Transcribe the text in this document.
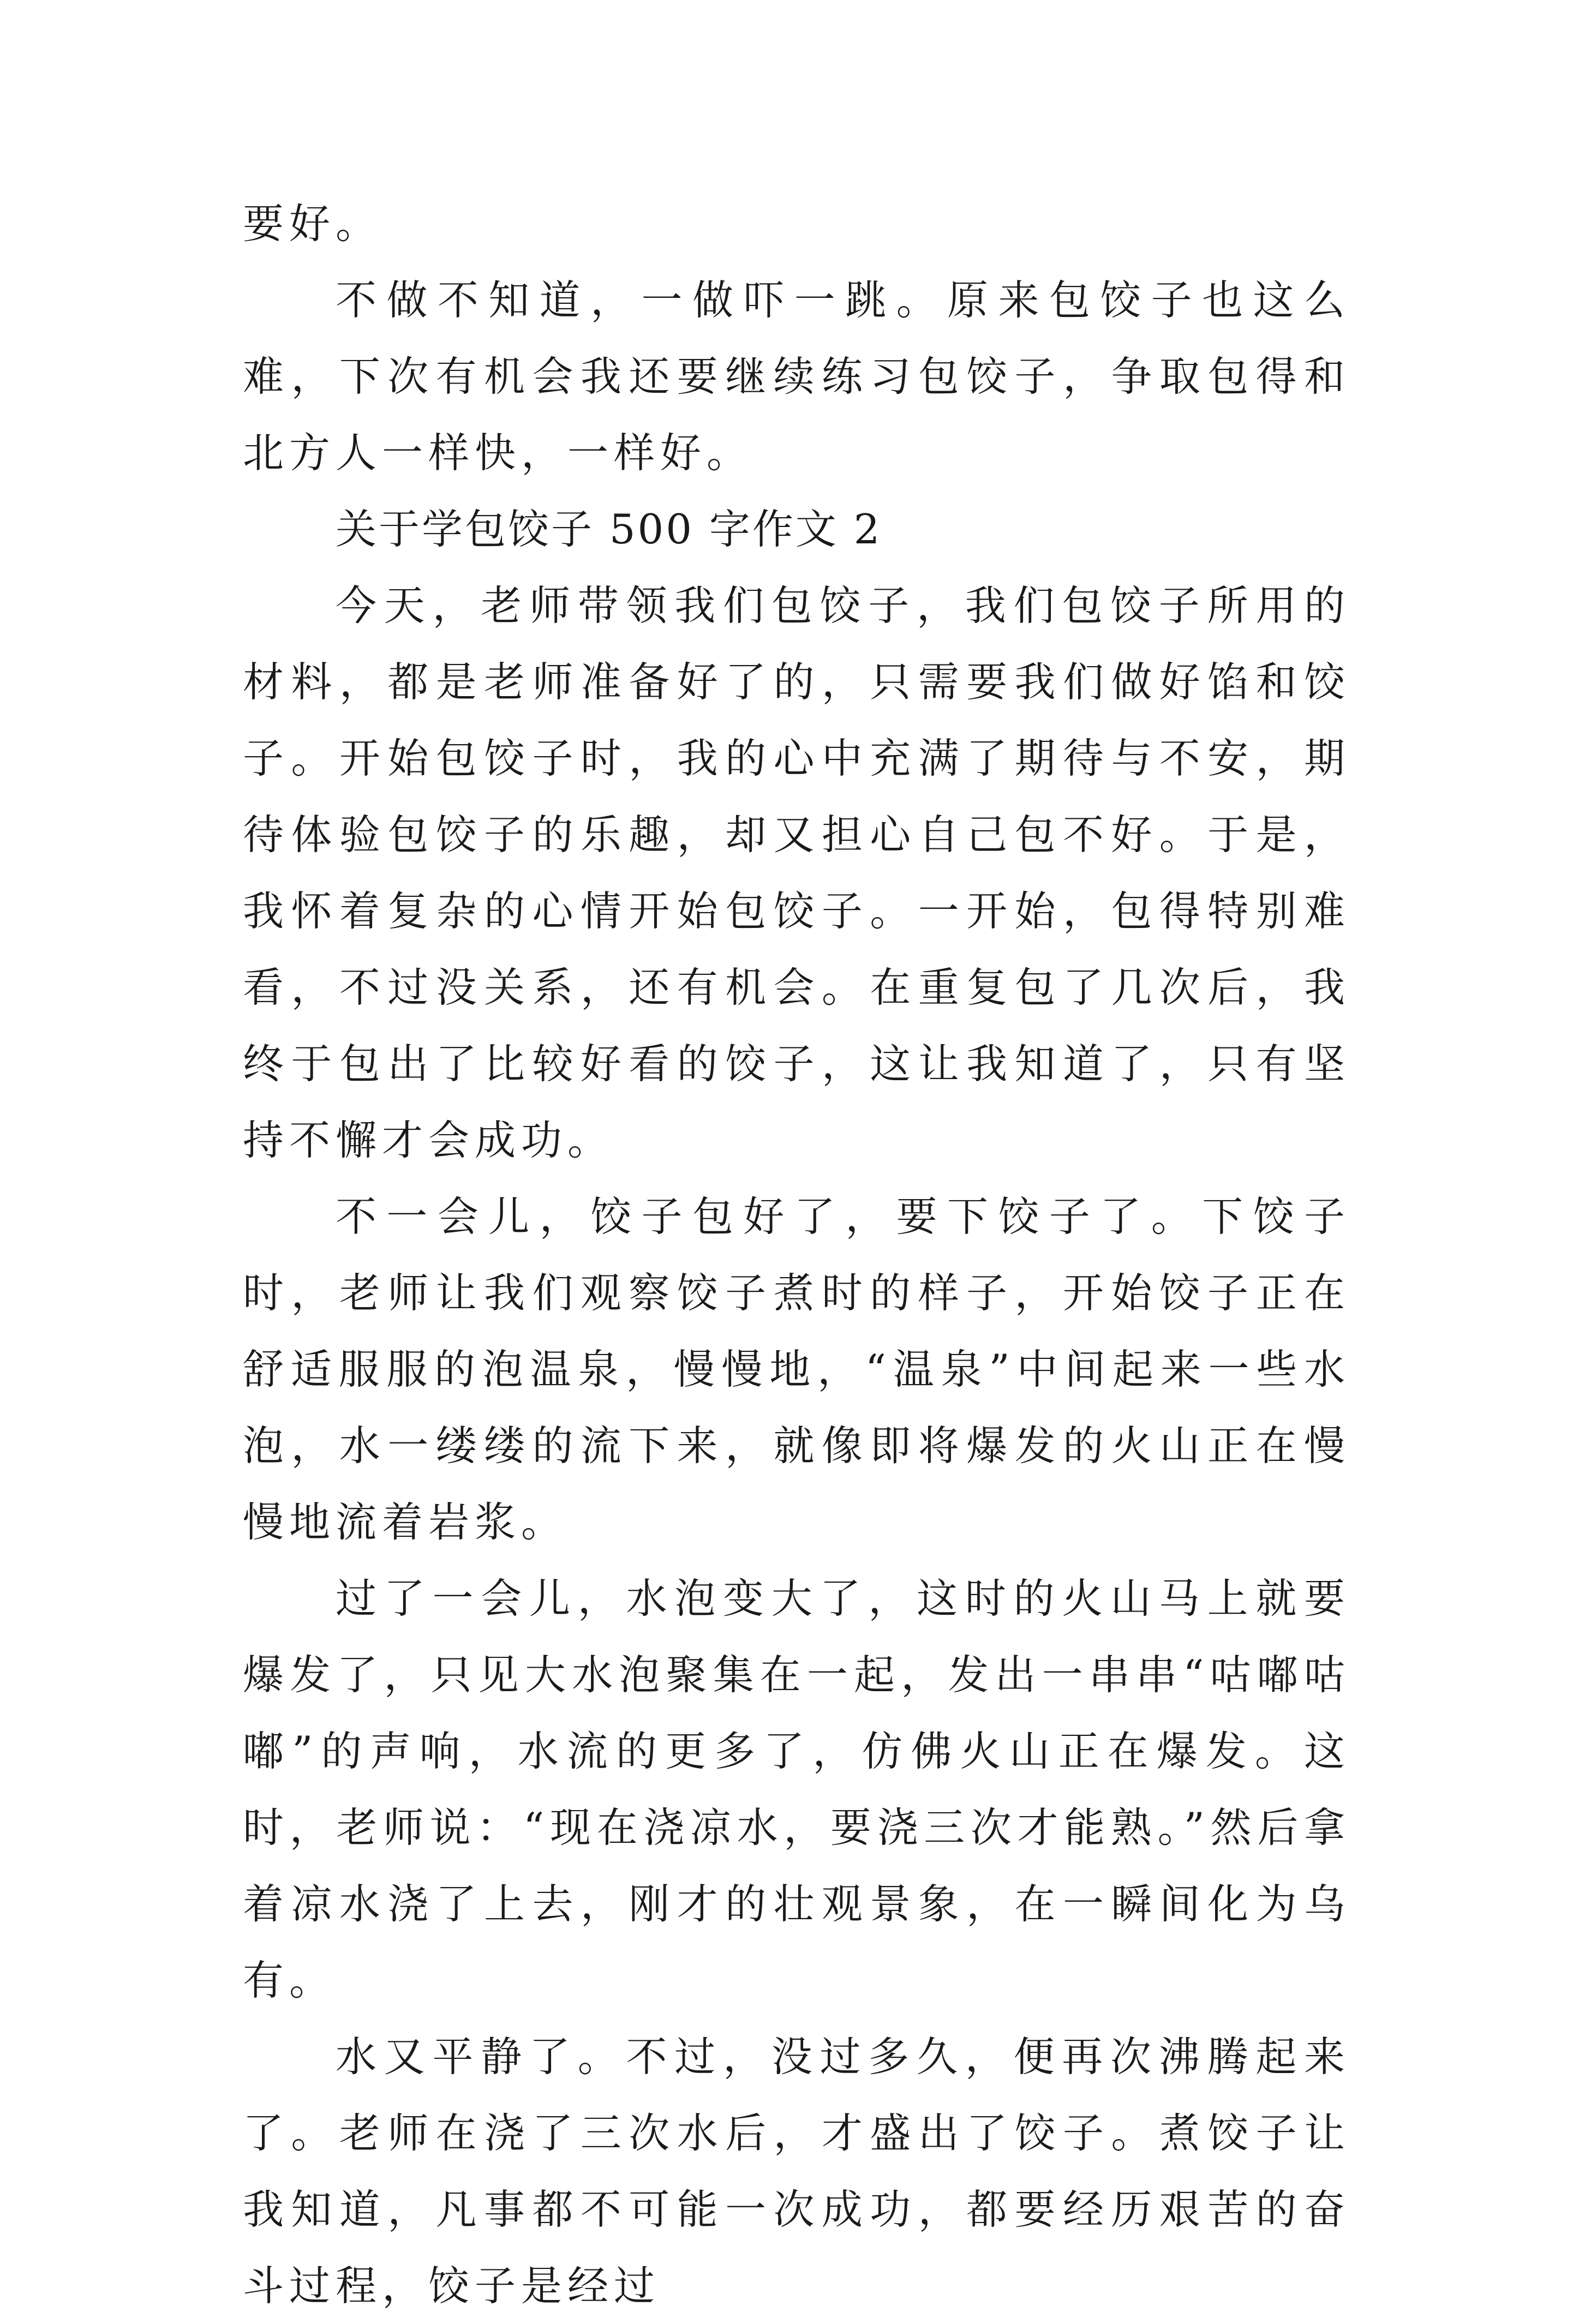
要好。

不做不知道，一做吓一跳。原来包饺子也这么难，下次有机会我还要继续练习包饺子，争取包得和北方人一样快，一样好。

关于学包饺子 500 字作文 2

今天，老师带领我们包饺子，我们包饺子所用的材料，都是老师准备好了的，只需要我们做好馅和饺子。开始包饺子时，我的心中充满了期待与不安，期待体验包饺子的乐趣，却又担心自己包不好。于是，我怀着复杂的心情开始包饺子。一开始，包得特别难看，不过没关系，还有机会。在重复包了几次后，我终于包出了比较好看的饺子，这让我知道了，只有坚持不懈才会成功。

不一会儿，饺子包好了，要下饺子了。下饺子时，老师让我们观察饺子煮时的样子，开始饺子正在舒适服服的泡温泉，慢慢地，“温泉”中间起来一些水泡，水一缕缕的流下来，就像即将爆发的火山正在慢慢地流着岩浆。

过了一会儿，水泡变大了，这时的火山马上就要爆发了，只见大水泡聚集在一起，发出一串串“咕嘟咕嘟”的声响，水流的更多了，仿佛火山正在爆发。这时，老师说：“现在浇凉水，要浇三次才能熟。”然后拿着凉水浇了上去，刚才的壮观景象，在一瞬间化为乌有。

水又平静了。不过，没过多久，便再次沸腾起来了。老师在浇了三次水后，才盛出了饺子。煮饺子让我知道，凡事都不可能一次成功，都要经历艰苦的奋斗过程，饺子是经过
